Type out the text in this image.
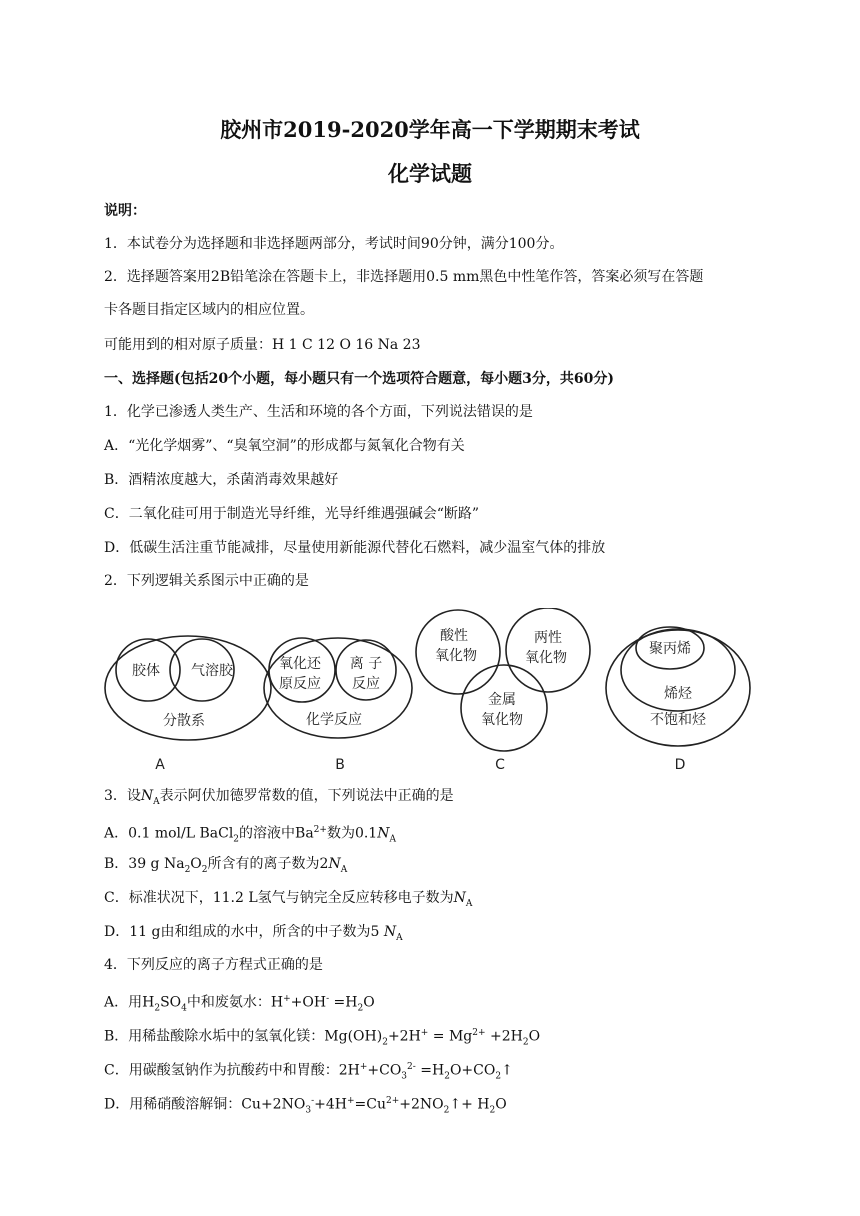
胶州市2019-2020学年高一下学期期末考试
化学试题
说明：
1．本试卷分为选择题和非选择题两部分，考试时间90分钟，满分100分。
2．选择题答案用2B铅笔涂在答题卡上，非选择题用0.5 mm黑色中性笔作答，答案必须写在答题
卡各题目指定区域内的相应位置。
可能用到的相对原子质量：H 1 C 12 O 16 Na 23
一、选择题(包括20个小题，每小题只有一个选项符合题意，每小题3分，共60分)
1．化学已渗透人类生产、生活和环境的各个方面，下列说法错误的是
A．“光化学烟雾”、“臭氧空洞”的形成都与氮氧化合物有关
B．酒精浓度越大，杀菌消毒效果越好
C．二氧化硅可用于制造光导纤维，光导纤维遇强碱会“断路”
D．低碳生活注重节能减排，尽量使用新能源代替化石燃料，减少温室气体的排放
2．下列逻辑关系图示中正确的是
胶体 气溶胶
分散系
氧化还
原反应
离 子
反应
化学反应
酸性
氧化物
两性
氧化物
金属
氧化物
聚丙烯
烯烃
不饱和烃
A	B	C	D
3．设$N_A$表示阿伏加德罗常数的值，下列说法中正确的是
A．0.1 mol/L BaCl$_2$的溶液中$Ba^{2+}$数为$0.1N_A$
B．39 g $Na_2O_2$所含有的离子数为$2N_A$
C．标准状况下，11.2 L氢气与钠完全反应转移电子数为$N_A$
D．11 g由和组成的水中，所含的中子数为5 $N_A$
4．下列反应的离子方程式正确的是
A．用$H_2SO_4$中和废氨水：$H^++OH^- =H_2O$
B．用稀盐酸除水垢中的氢氧化镁：$Mg(OH)_2+2H^+ = Mg^{2+} +2H_2O$
C．用碳酸氢钠作为抗酸药中和胃酸：$2H^++CO_3^{2-}$ $=H_2O+CO_2↑$
D．用稀硝酸溶解铜：$Cu+2NO_3^-+4H^+=Cu^{2+}+2NO_2↑+ H_2O$
